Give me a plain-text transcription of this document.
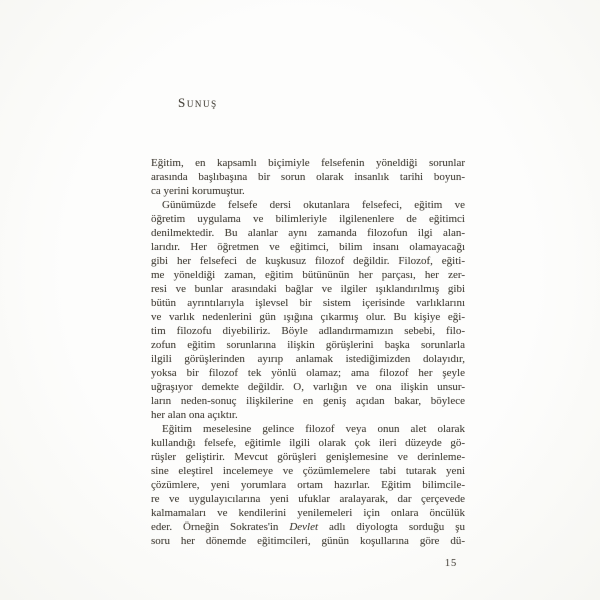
Sunuş
Eğitim, en kapsamlı biçimiyle felsefenin yöneldiği sorunlar
arasında başlıbaşına bir sorun olarak insanlık tarihi boyun-
ca yerini korumuştur.
Günümüzde felsefe dersi okutanlara felsefeci, eğitim ve
öğretim uygulama ve bilimleriyle ilgilenenlere de eğitimci
denilmektedir. Bu alanlar aynı zamanda filozofun ilgi alan-
larıdır. Her öğretmen ve eğitimci, bilim insanı olamayacağı
gibi her felsefeci de kuşkusuz filozof değildir. Filozof, eğiti-
me yöneldiği zaman, eğitim bütününün her parçası, her zer-
resi ve bunlar arasındaki bağlar ve ilgiler ışıklandırılmış gibi
bütün ayrıntılarıyla işlevsel bir sistem içerisinde varlıklarını
ve varlık nedenlerini gün ışığına çıkarmış olur. Bu kişiye eği-
tim filozofu diyebiliriz. Böyle adlandırmamızın sebebi, filo-
zofun eğitim sorunlarına ilişkin görüşlerini başka sorunlarla
ilgili görüşlerinden ayırıp anlamak istediğimizden dolayıdır,
yoksa bir filozof tek yönlü olamaz; ama filozof her şeyle
uğraşıyor demekte değildir. O, varlığın ve ona ilişkin unsur-
ların neden-sonuç ilişkilerine en geniş açıdan bakar, böylece
her alan ona açıktır.
Eğitim meselesine gelince filozof veya onun alet olarak
kullandığı felsefe, eğitimle ilgili olarak çok ileri düzeyde gö-
rüşler geliştirir. Mevcut görüşleri genişlemesine ve derinleme-
sine eleştirel incelemeye ve çözümlemelere tabi tutarak yeni
çözümlere, yeni yorumlara ortam hazırlar. Eğitim bilimcile-
re ve uygulayıcılarına yeni ufuklar aralayarak, dar çerçevede
kalmamaları ve kendilerini yenilemeleri için onlara öncülük
eder. Örneğin Sokrates'in Devlet adlı diyologta sorduğu şu
soru her dönemde eğitimcileri, günün koşullarına göre dü-
15
